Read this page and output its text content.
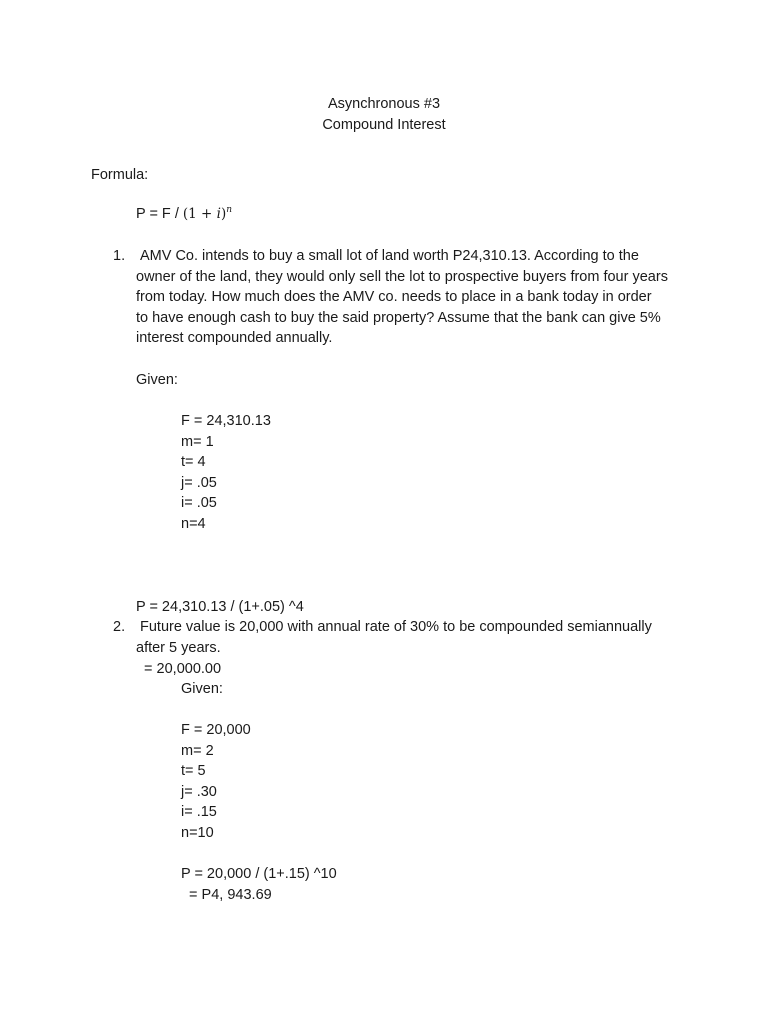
Asynchronous #3
Compound Interest
Formula:
$P = F / (1 + i)^n$
1. AMV Co. intends to buy a small lot of land worth P24,310.13. According to the
owner of the land, they would only sell the lot to prospective buyers from four years
from today. How much does the AMV co. needs to place in a bank today in order
to have enough cash to buy the said property? Assume that the bank can give 5%
interest compounded annually.
Given:
F = 24,310.13
m= 1
t= 4
j= .05
i= .05
n=4

P = 24,310.13 / (1+.05) ^4

= 20,000.00

2. Future value is 20,000 with annual rate of 30% to be compounded semiannually
after 5 years.
Given:
F = 20,000
m= 2
t= 5
j= .30
i= .15
n=10
P = 20,000 / (1+.15) ^10
= P4, 943.69
